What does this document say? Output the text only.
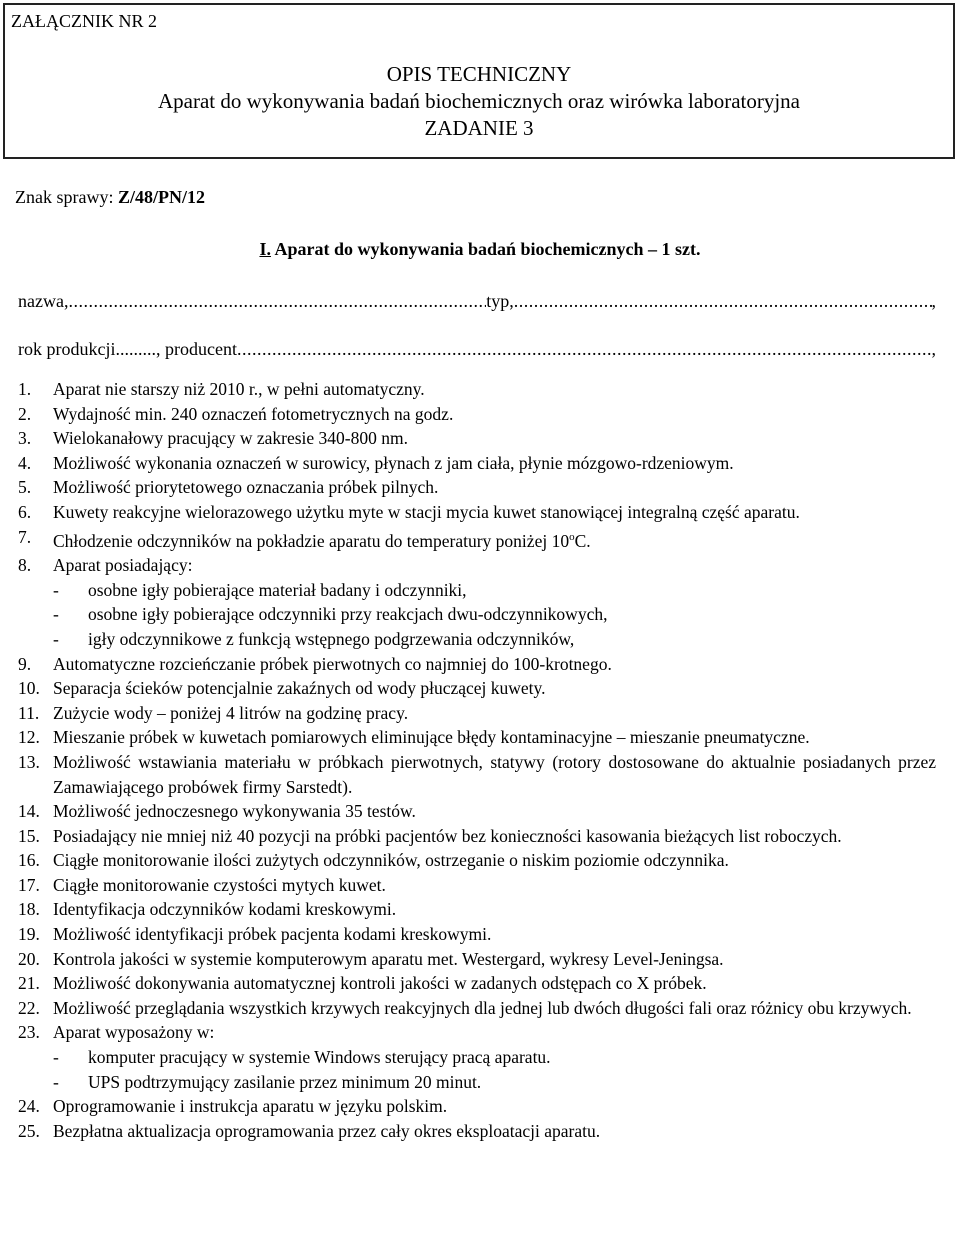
ZAŁĄCZNIK NR 2
OPIS TECHNICZNY
Aparat do wykonywania badań biochemicznych oraz wirówka laboratoryjna
ZADANIE 3
Znak sprawy: Z/48/PN/12
I. Aparat do wykonywania badań biochemicznych – 1 szt.
nazwa, .....	typ, .....	,
rok produkcji ......... , producent .....	,
1.	Aparat nie starszy niż 2010 r., w pełni automatyczny.
2.	Wydajność min. 240 oznaczeń fotometrycznych na godz.
3.	Wielokanałowy pracujący w zakresie 340-800 nm.
4.	Możliwość wykonania oznaczeń w surowicy, płynach z jam ciała, płynie mózgowo-rdzeniowym.
5.	Możliwość priorytetowego oznaczania próbek pilnych.
6.	Kuwety reakcyjne wielorazowego użytku myte w stacji mycia kuwet stanowiącej integralną część aparatu.
7.	Chłodzenie odczynników na pokładzie aparatu do temperatury poniżej 10$^o$C.
8.	Aparat posiadający:
-	osobne igły pobierające materiał badany i odczynniki,
-	osobne igły pobierające odczynniki przy reakcjach dwu-odczynnikowych,
-	igły odczynnikowe z funkcją wstępnego podgrzewania odczynników,
9.	Automatyczne rozcieńczanie próbek pierwotnych co najmniej do 100-krotnego.
10. Separacja ścieków potencjalnie zakaźnych od wody płuczącej kuwety.
11. Zużycie wody – poniżej 4 litrów na godzinę pracy.
12. Mieszanie próbek w kuwetach pomiarowych eliminujące błędy kontaminacyjne – mieszanie pneumatyczne.
13. Możliwość wstawiania materiału w próbkach pierwotnych, statywy (rotory dostosowane do aktualnie posiadanych przez Zamawiającego probówek firmy Sarstedt).
14. Możliwość jednoczesnego wykonywania 35 testów.
15. Posiadający nie mniej niż 40 pozycji na próbki pacjentów bez konieczności kasowania bieżących list roboczych.
16. Ciągłe monitorowanie ilości zużytych odczynników, ostrzeganie o niskim poziomie odczynnika.
17. Ciągłe monitorowanie czystości mytych kuwet.
18. Identyfikacja odczynników kodami kreskowymi.
19. Możliwość identyfikacji próbek pacjenta kodami kreskowymi.
20. Kontrola jakości w systemie komputerowym aparatu met. Westergard, wykresy Level-Jeningsa.
21. Możliwość dokonywania automatycznej kontroli jakości w zadanych odstępach co X próbek.
22. Możliwość przeglądania wszystkich krzywych reakcyjnych dla jednej lub dwóch długości fali oraz różnicy obu krzywych.
23. Aparat wyposażony w:
-	komputer pracujący w systemie Windows sterujący pracą aparatu.
-	UPS podtrzymujący zasilanie przez minimum 20 minut.
24. Oprogramowanie i instrukcja aparatu w języku polskim.
25. Bezpłatna aktualizacja oprogramowania przez cały okres eksploatacji aparatu.
